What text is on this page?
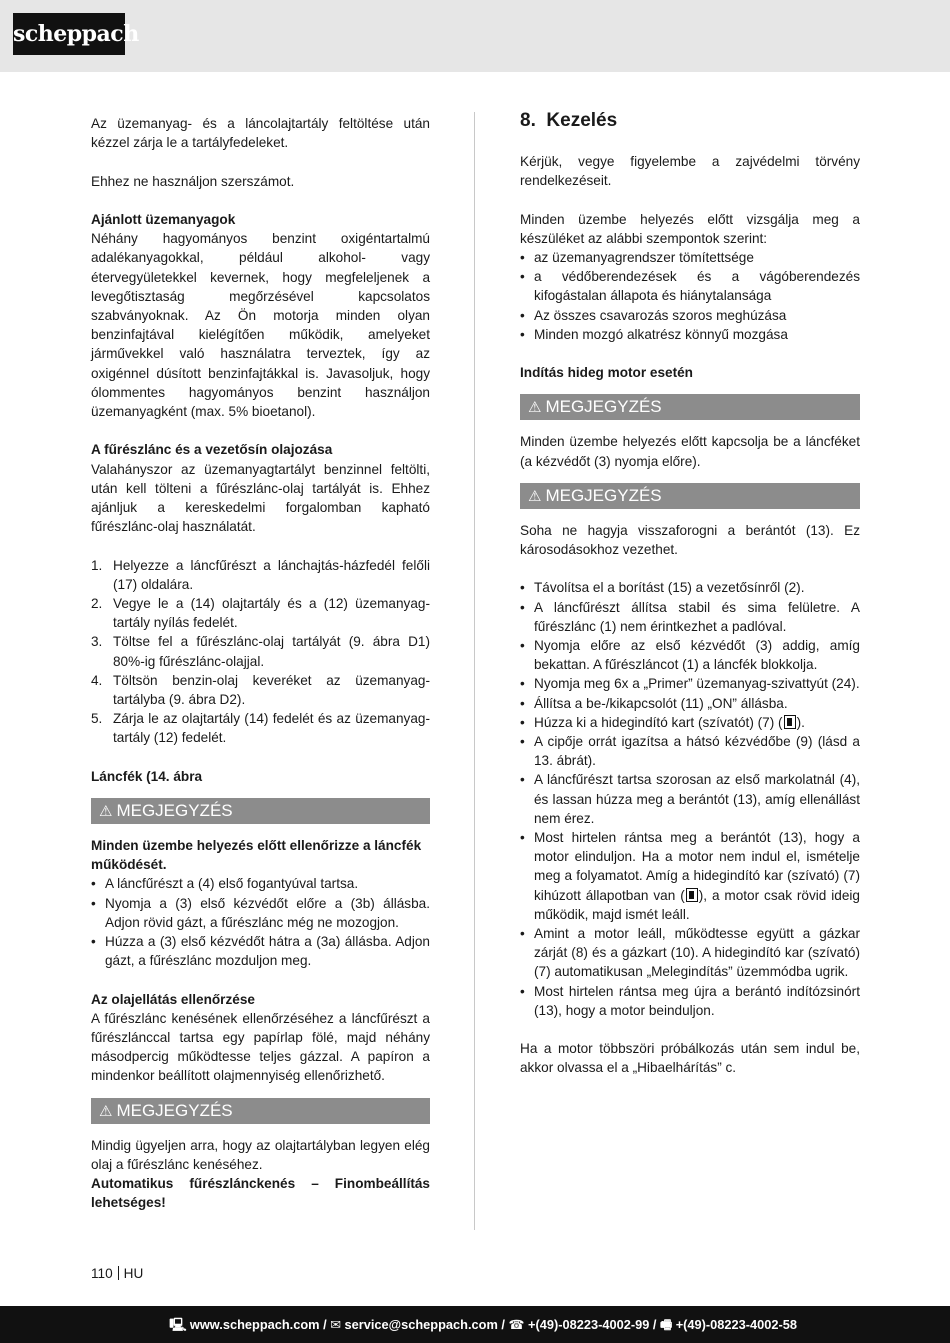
scheppach
Az üzemanyag- és a láncolajtartály feltöltése után kézzel zárja le a tartályfedeleket.
Ehhez ne használjon szerszámot.
Ajánlott üzemanyagok
Néhány hagyományos benzint oxigéntartalmú adalékanyagokkal, például alkohol- vagy étervegyületekkel kevernek, hogy megfeleljenek a levegőtisztaság megőrzésével kapcsolatos szabványoknak. Az Ön motorja minden olyan benzinfajtával kielégítően működik, amelyeket járművekkel való használatra terveztek, így az oxigénnel dúsított benzinfajtákkal is. Javasoljuk, hogy ólommentes hagyományos benzint használjon üzemanyagként (max. 5% bioetanol).
A fűrészlánc és a vezetősín olajozása
Valahányszor az üzemanyagtartályt benzinnel feltölti, után kell tölteni a fűrészlánc-olaj tartályát is. Ehhez ajánljuk a kereskedelmi forgalomban kapható fűrészlánc-olaj használatát.
1. Helyezze a láncfűrészt a lánchajtás-házfedél felőli (17) oldalára.
2. Vegye le a (14) olajtartály és a (12) üzemanyag-tartály nyílás fedelét.
3. Töltse fel a fűrészlánc-olaj tartályát (9. ábra D1) 80%-ig fűrészlánc-olajjal.
4. Töltsön benzin-olaj keveréket az üzemanyag-tartályba (9. ábra D2).
5. Zárja le az olajtartály (14) fedelét és az üzemanyag-tartály (12) fedelét.
Láncfék (14. ábra
⚠ MEGJEGYZÉS
Minden üzembe helyezés előtt ellenőrizze a láncfék működését.
• A láncfűrészt a (4) első fogantyúval tartsa.
• Nyomja a (3) első kézvédőt előre a (3b) állásba. Adjon rövid gázt, a fűrészlánc még ne mozogjon.
• Húzza a (3) első kézvédőt hátra a (3a) állásba. Adjon gázt, a fűrészlánc mozduljon meg.
Az olajellátás ellenőrzése
A fűrészlánc kenésének ellenőrzéséhez a láncfűrészt a fűrészlánccal tartsa egy papírlap fölé, majd néhány másodpercig működtesse teljes gázzal. A papíron a mindenkor beállított olajmennyiség ellenőrizhető.
⚠ MEGJEGYZÉS
Mindig ügyeljen arra, hogy az olajtartályban legyen elég olaj a fűrészlánc kenéséhez.
Automatikus fűrészlánckenés – Finombeállítás lehetséges!
8. Kezelés
Kérjük, vegye figyelembe a zajvédelmi törvény rendelkezéseit.
Minden üzembe helyezés előtt vizsgálja meg a készüléket az alábbi szempontok szerint:
• az üzemanyagrendszer tömítettsége
• a védőberendezések és a vágóberendezés kifogástalan állapota és hiánytalansága
• Az összes csavarozás szoros meghúzása
• Minden mozgó alkatrész könnyű mozgása
Indítás hideg motor esetén
⚠ MEGJEGYZÉS
Minden üzembe helyezés előtt kapcsolja be a láncféket (a kézvédőt (3) nyomja előre).
⚠ MEGJEGYZÉS
Soha ne hagyja visszaforogni a berántót (13). Ez károsodásokhoz vezethet.
• Távolítsa el a borítást (15) a vezetősínről (2).
• A láncfűrészt állítsa stabil és sima felületre. A fűrészlánc (1) nem érintkezhet a padlóval.
• Nyomja előre az első kézvédőt (3) addig, amíg bekattan. A fűrészláncot (1) a láncfék blokkolja.
• Nyomja meg 6x a „Primer” üzemanyag-szivattyút (24).
• Állítsa a be-/kikapcsolót (11) „ON” állásba.
• Húzza ki a hidegindító kart (szívatót) (7) ( ).
• A cipője orrát igazítsa a hátsó kézvédőbe (9) (lásd a 13. ábrát).
• A láncfűrészt tartsa szorosan az első markolatnál (4), és lassan húzza meg a berántót (13), amíg ellenállást nem érez.
• Most hirtelen rántsa meg a berántót (13), hogy a motor elinduljon. Ha a motor nem indul el, ismételje meg a folyamatot. Amíg a hidegindító kar (szívató) (7) kihúzott állapotban van ( ), a motor csak rövid ideig működik, majd ismét leáll.
• Amint a motor leáll, működtesse együtt a gázkar zárját (8) és a gázkart (10). A hidegindító kar (szívató) (7) automatikusan „Melegindítás” üzemmódba ugrik.
• Most hirtelen rántsa meg újra a berántó indítózsinórt (13), hogy a motor beinduljon.
Ha a motor többszöri próbálkozás után sem indul be, akkor olvassa el a „Hibaelhárítás” c.
110 HU
🖳 www.scheppach.com / ✉ service@scheppach.com / ☎ +(49)-08223-4002-99 / 🖷 +(49)-08223-4002-58
